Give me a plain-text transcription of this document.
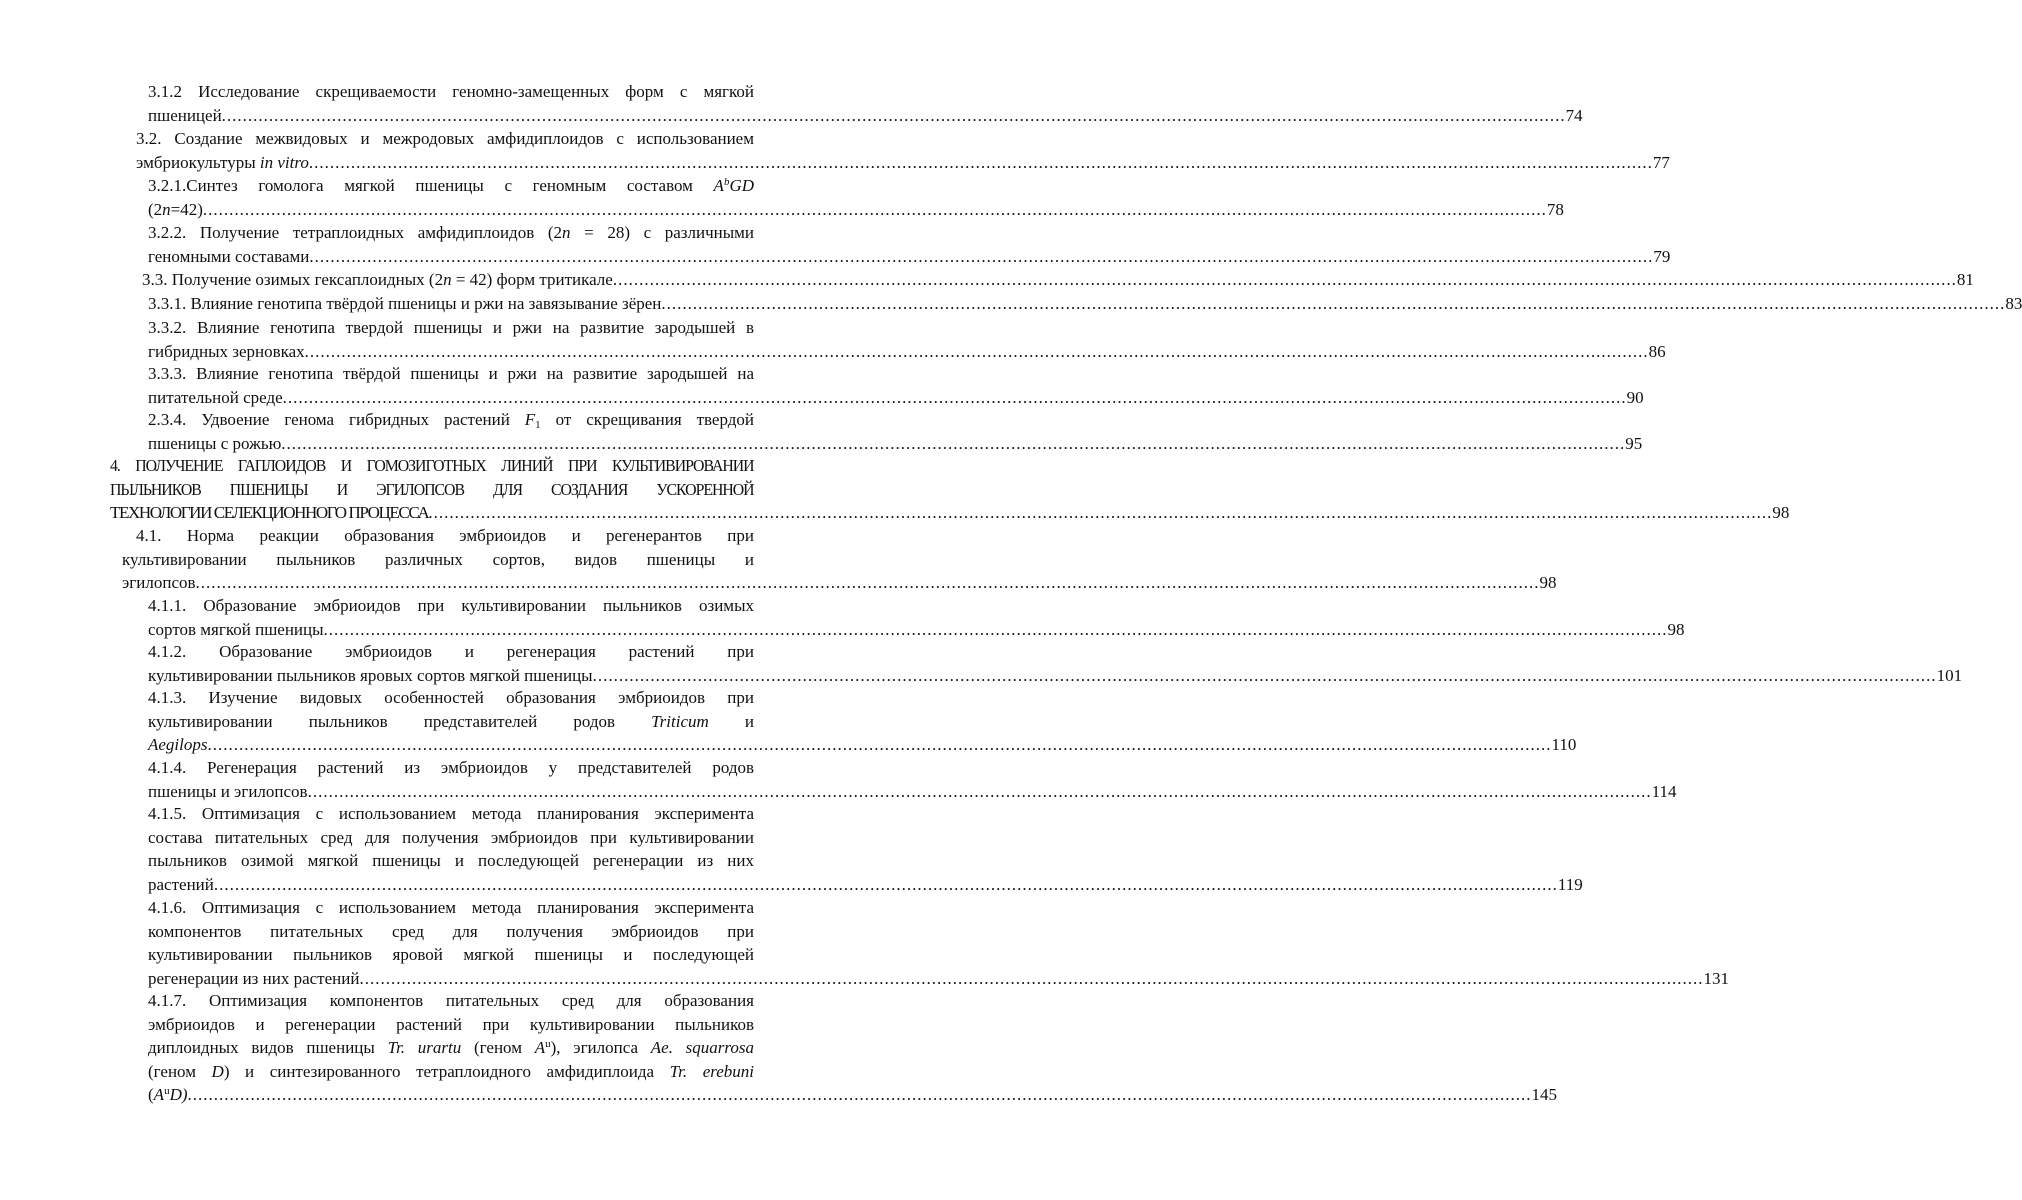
3.1.2 Исследование скрещиваемости геномно-замещенных форм с мягкой
пшеницей .....	74
3.2. Создание межвидовых и межродовых амфидиплоидов с использованием
эмбриокультуры in vitro .....	77
3.2.1.Синтез гомолога мягкой пшеницы с геномным составом $A^bGD$
(2n=42) .....	78
3.2.2. Получение тетраплоидных амфидиплоидов (2n = 28) с различными
геномными составами .....	79
3.3. Получение озимых гексаплоидных (2n = 42) форм тритикале .....	81
3.3.1. Влияние генотипа твёрдой пшеницы и ржи на завязывание зёрен .....	83
3.3.2. Влияние генотипа твердой пшеницы и ржи на развитие зародышей в
гибридных зерновках .....	86
3.3.3. Влияние генотипа твёрдой пшеницы и ржи на развитие зародышей на
питательной среде .....	90
2.3.4. Удвоение генома гибридных растений $F_1$ от скрещивания твердой
пшеницы с рожью .....	95
4. ПОЛУЧЕНИЕ ГАПЛОИДОВ И ГОМОЗИГОТНЫХ ЛИНИЙ ПРИ КУЛЬТИВИРОВАНИИ
ПЫЛЬНИКОВ ПШЕНИЦЫ И ЭГИЛОПСОВ ДЛЯ СОЗДАНИЯ УСКОРЕННОЙ
ТЕХНОЛОГИИ СЕЛЕКЦИОННОГО ПРОЦЕССА .....	98
4.1. Норма реакции образования эмбриоидов и регенерантов при
культивировании пыльников различных сортов, видов пшеницы и
эгилопсов .....	98
4.1.1. Образование эмбриоидов при культивировании пыльников озимых
сортов мягкой пшеницы .....	98
4.1.2. Образование эмбриоидов и регенерация растений при
культивировании пыльников яровых сортов мягкой пшеницы .....	101
4.1.3. Изучение видовых особенностей образования эмбриоидов при
культивировании пыльников представителей родов Triticum и
Aegilops .....	110
4.1.4. Регенерация растений из эмбриоидов у представителей родов
пшеницы и эгилопсов .....	114
4.1.5. Оптимизация с использованием метода планирования эксперимента
состава питательных сред для получения эмбриоидов при культивировании
пыльников озимой мягкой пшеницы и последующей регенерации из них
растений .....	119
4.1.6. Оптимизация с использованием метода планирования эксперимента
компонентов питательных сред для получения эмбриоидов при
культивировании пыльников яровой мягкой пшеницы и последующей
регенерации из них растений .....	131
4.1.7. Оптимизация компонентов питательных сред для образования
эмбриоидов и регенерации растений при культивировании пыльников
диплоидных видов пшеницы Tr. urartu (геном $A^u$), эгилопса Ae. squarrosa
(геном D) и синтезированного тетраплоидного амфидиплоида Tr. erebuni
$(A^uD)$ .....	145
